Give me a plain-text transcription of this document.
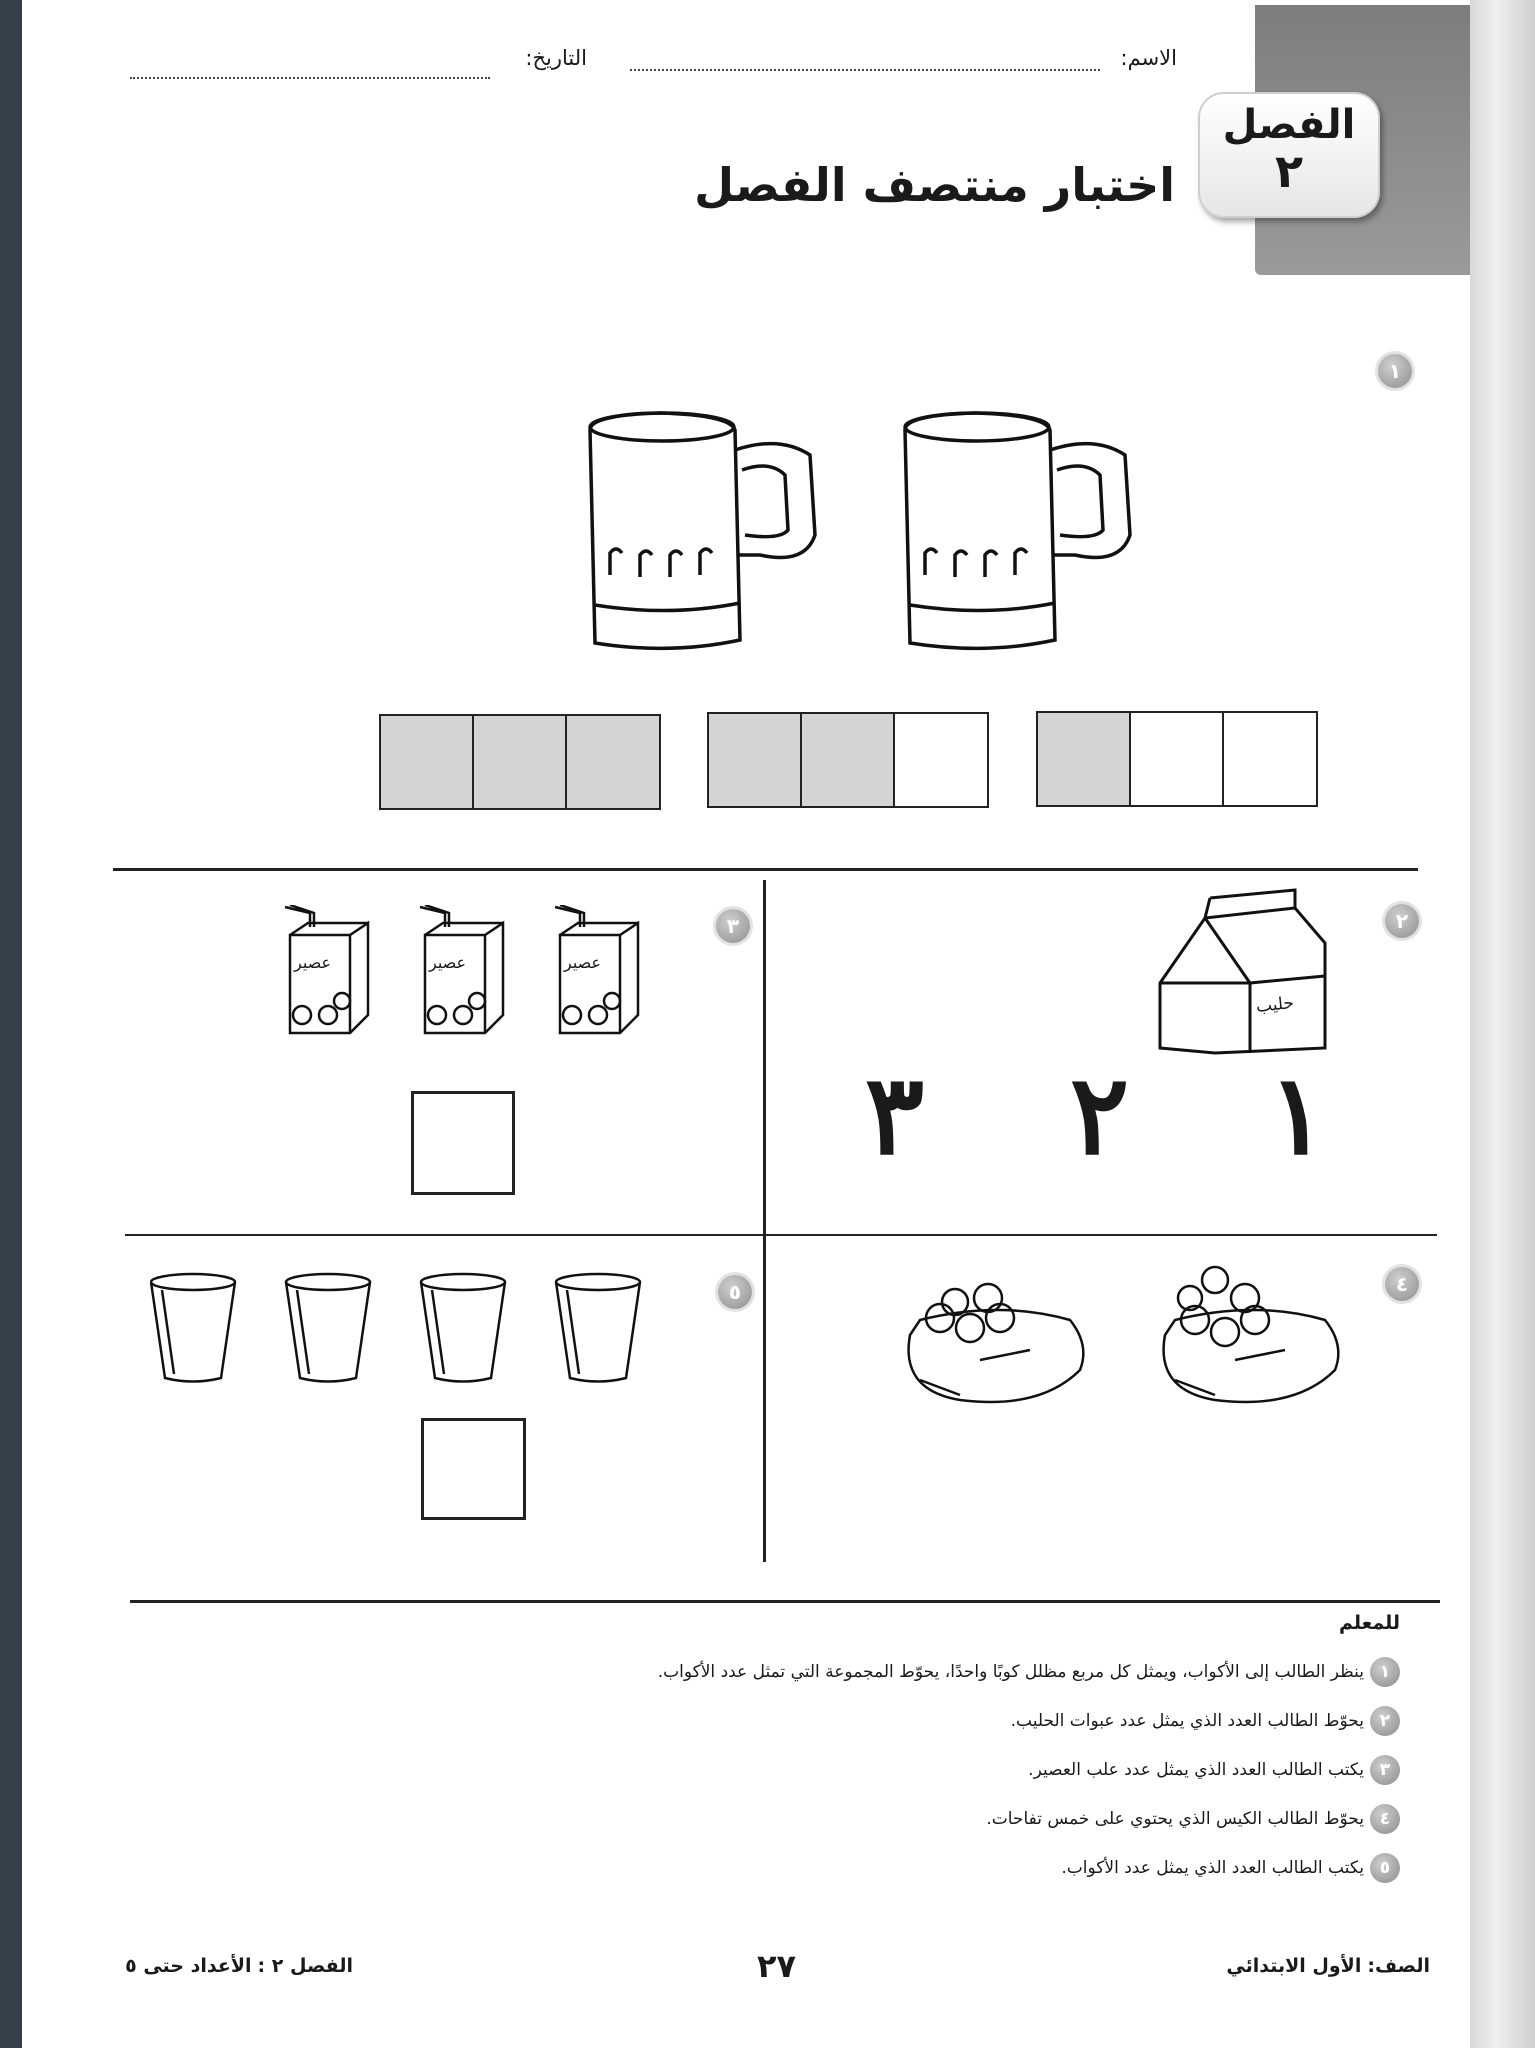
الاسم:
التاريخ:
الفصل
٢
اختبار منتصف الفصل
١
٢
حليب
١
٢
٣
٣
عصير	عصير	عصير
٤
٥
للمعلم
١ينظر الطالب إلى الأكواب، ويمثل كل مربع مظلل كوبًا واحدًا، يحوّط المجموعة التي تمثل عدد الأكواب.
٢يحوّط الطالب العدد الذي يمثل عدد عبوات الحليب.
٣يكتب الطالب العدد الذي يمثل عدد علب العصير.
٤يحوّط الطالب الكيس الذي يحتوي على خمس تفاحات.
٥يكتب الطالب العدد الذي يمثل عدد الأكواب.
الصف: الأول الابتدائي
٢٧
الفصل ٢ : الأعداد حتى ٥
